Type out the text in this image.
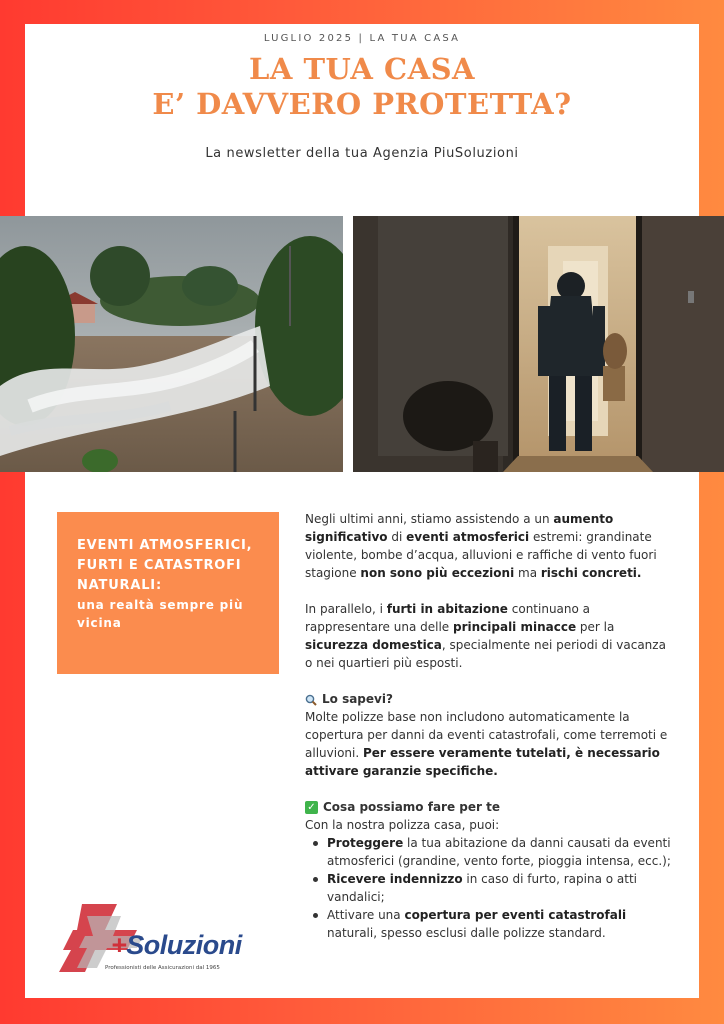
LUGLIO 2025 | LA TUA CASA
LA TUA CASA
E’ DAVVERO PROTETTA?
La newsletter della tua Agenzia PiuSoluzioni
EVENTI ATMOSFERICI, FURTI E CATASTROFI NATURALI:
una realtà sempre più vicina

Negli ultimi anni, stiamo assistendo a un aumento significativo di eventi atmosferici estremi: grandinate violente, bombe d’acqua, alluvioni e raffiche di vento fuori stagione non sono più eccezioni ma rischi concreti.

In parallelo, i furti in abitazione continuano a rappresentare una delle principali minacce per la sicurezza domestica, specialmente nei periodi di vacanza o nei quartieri più esposti.

Lo sapevi?
Molte polizze base non includono automaticamente la copertura per danni da eventi catastrofali, come terremoti e alluvioni. Per essere veramente tutelati, è necessario attivare garanzie specifiche.
✓ Cosa possiamo fare per te
Con la nostra polizza casa, puoi:
Proteggere la tua abitazione da danni causati da eventi atmosferici (grandine, vento forte, pioggia intensa, ecc.);
Ricevere indennizzo in caso di furto, rapina o atti vandalici;
Attivare una copertura per eventi catastrofali naturali, spesso esclusi dalle polizze standard.
+Soluzioni
Professionisti delle Assicurazioni dal 1965
